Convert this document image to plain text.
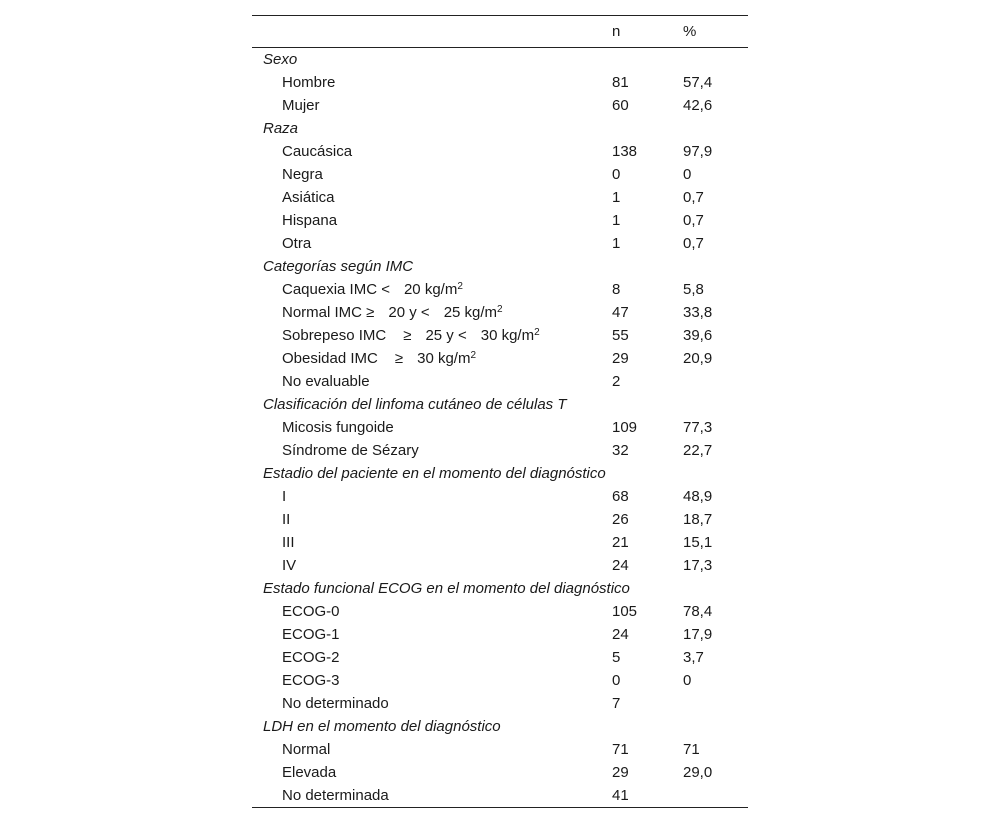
	n	%
Sexo		
Hombre	81	57,4
Mujer	60	42,6
Raza		
Caucásica	138	97,9
Negra	0	0
Asiática	1	0,7
Hispana	1	0,7
Otra	1	0,7
Categorías según IMC		
Caquexia IMC < 20 $kg/m^2$	8	5,8
Normal IMC ≥ 20 y < 25 $kg/m^2$	47	33,8
Sobrepeso IMC ≥ 25 y < 30 $kg/m^2$	55	39,6
Obesidad IMC ≥ 30 $kg/m^2$	29	20,9
No evaluable	2	
Clasificación del linfoma cutáneo de células T		
Micosis fungoide	109	77,3
Síndrome de Sézary	32	22,7
Estadio del paciente en el momento del diagnóstico		
I	68	48,9
II	26	18,7
III	21	15,1
IV	24	17,3
Estado funcional ECOG en el momento del diagnóstico		
ECOG-0	105	78,4
ECOG-1	24	17,9
ECOG-2	5	3,7
ECOG-3	0	0
No determinado	7	
LDH en el momento del diagnóstico		
Normal	71	71
Elevada	29	29,0
No determinada	41	
